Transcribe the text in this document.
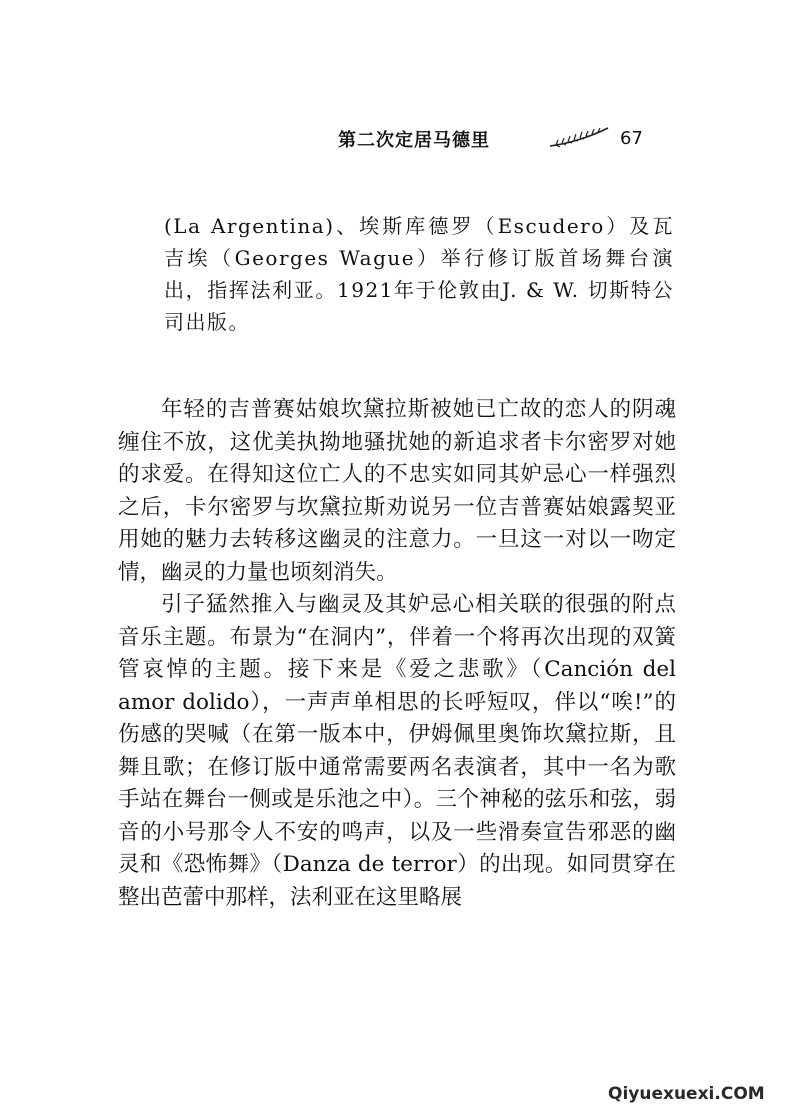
第二次定居马德里	67

(La Argentina)、埃斯库德罗（Escudero）及瓦吉埃（Georges Wague）举行修订版首场舞台演出，指挥法利亚。1921年于伦敦由J. & W. 切斯特公司出版。

年轻的吉普赛姑娘坎黛拉斯被她已亡故的恋人的阴魂缠住不放，这优美执拗地骚扰她的新追求者卡尔密罗对她的求爱。在得知这位亡人的不忠实如同其妒忌心一样强烈之后，卡尔密罗与坎黛拉斯劝说另一位吉普赛姑娘露契亚用她的魅力去转移这幽灵的注意力。一旦这一对以一吻定情，幽灵的力量也顷刻消失。

引子猛然推入与幽灵及其妒忌心相关联的很强的附点音乐主题。布景为“在洞内”，伴着一个将再次出现的双簧管哀悼的主题。接下来是《爱之悲歌》（Canción del amor dolido），一声声单相思的长呼短叹，伴以“唉!”的伤感的哭喊（在第一版本中，伊姆佩里奥饰坎黛拉斯，且舞且歌；在修订版中通常需要两名表演者，其中一名为歌手站在舞台一侧或是乐池之中）。三个神秘的弦乐和弦，弱音的小号那令人不安的鸣声，以及一些滑奏宣告邪恶的幽灵和《恐怖舞》（Danza de terror）的出现。如同贯穿在整出芭蕾中那样，法利亚在这里略展

Qiyuexuexi.COM
